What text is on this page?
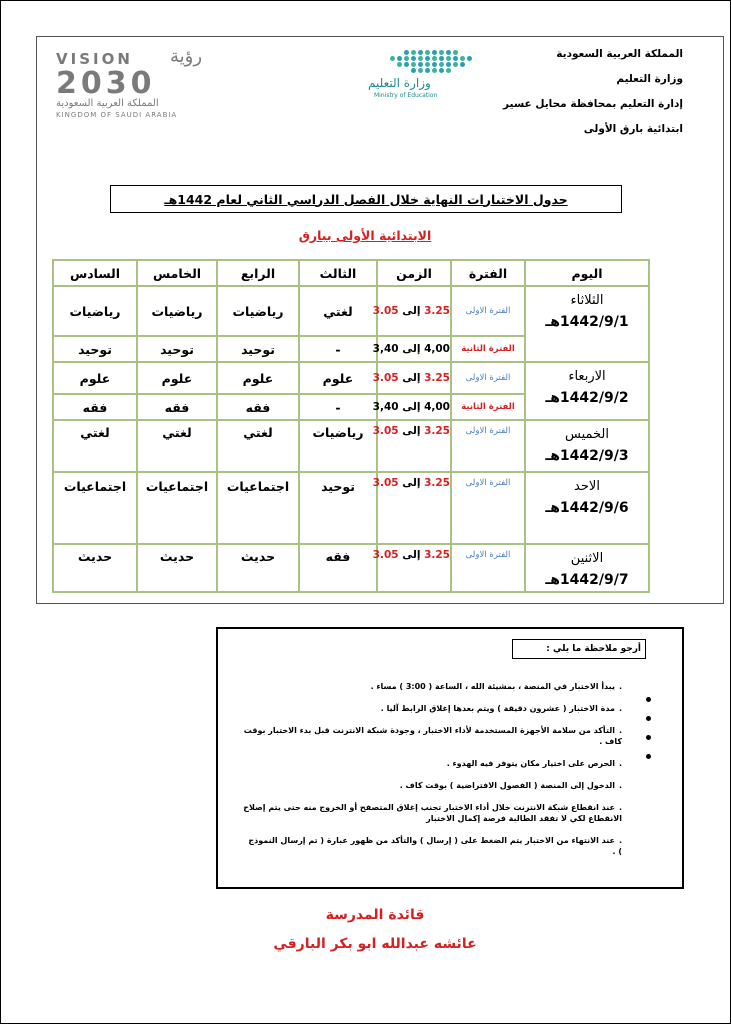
المملكة العربية السعودية
وزارة التعليم
إدارة التعليم بمحافظة محايل عسير
ابتدائية بارق الأولى
وزارة التعليم
Ministry of Education
VISION رؤية
2030
المملكة العربية السعودية
KINGDOM OF SAUDI ARABIA
جدول الاختبارات النهاية خلال الفصل الدراسي الثاني لعام 1442هـ
الابتدائية الأولى ببارق
اليوم	الفترة	الزمن	الثالث	الرابع	الخامس	السادس

الثلاثاء
1442/9/1هـ	الفترة الاولى	3.25 إلى 3.05	لغتي	رياضيات	رياضيات	رياضيات
	الفترة الثانية	4,00 إلى 3,40	-	توحيد	توحيد	توحيد

الاربعاء
1442/9/2هـ	الفترة الاولى	3.25 إلى 3.05	علوم	علوم	علوم	علوم
	الفترة الثانية	4,00 إلى 3,40	-	فقه	فقه	فقه

الخميس
1442/9/3هـ	الفترة الاولى	3.25 إلى 3.05	رياضيات	لغتي	لغتي	لغتي

الاحد
1442/9/6هـ	الفترة الاولى	3.25 إلى 3.05	توحيد	اجتماعيات	اجتماعيات	اجتماعيات

الاثنين
1442/9/7هـ	الفترة الاولى	3.25 إلى 3.05	فقه	حديث	حديث	حديث
أرجو ملاحظة ما يلي :
. يبدأ الاختبار في المنصة ، بمشيئة الله ، الساعة ( 3:00 ) مساء .
. مدة الاختبار ( عشرون دقيقة ) ويتم بعدها إغلاق الرابط آليا .
. التأكد من سلامة الأجهزة المستخدمة لأداء الاختبار ، وجودة شبكة الانترنت قبل بدء الاختبار بوقت كاف .
. الحرص على اختيار مكان يتوفر فيه الهدوء .
. الدخول إلى المنصة ( الفصول الافتراضية ) بوقت كاف .
. عند انقطاع شبكة الانترنت خلال أداء الاختبار تجنب إغلاق المتصفح أو الخروج منه حتى يتم إصلاح الانقطاع لكي لا تفقد الطالبة فرصة إكمال الاختبار
. عند الانتهاء من الاختبار يتم الضغط على ( إرسال ) والتأكد من ظهور عبارة ( تم إرسال النموذج ) .
قائدة المدرسة
عائشه عبدالله ابو بكر البارقي
